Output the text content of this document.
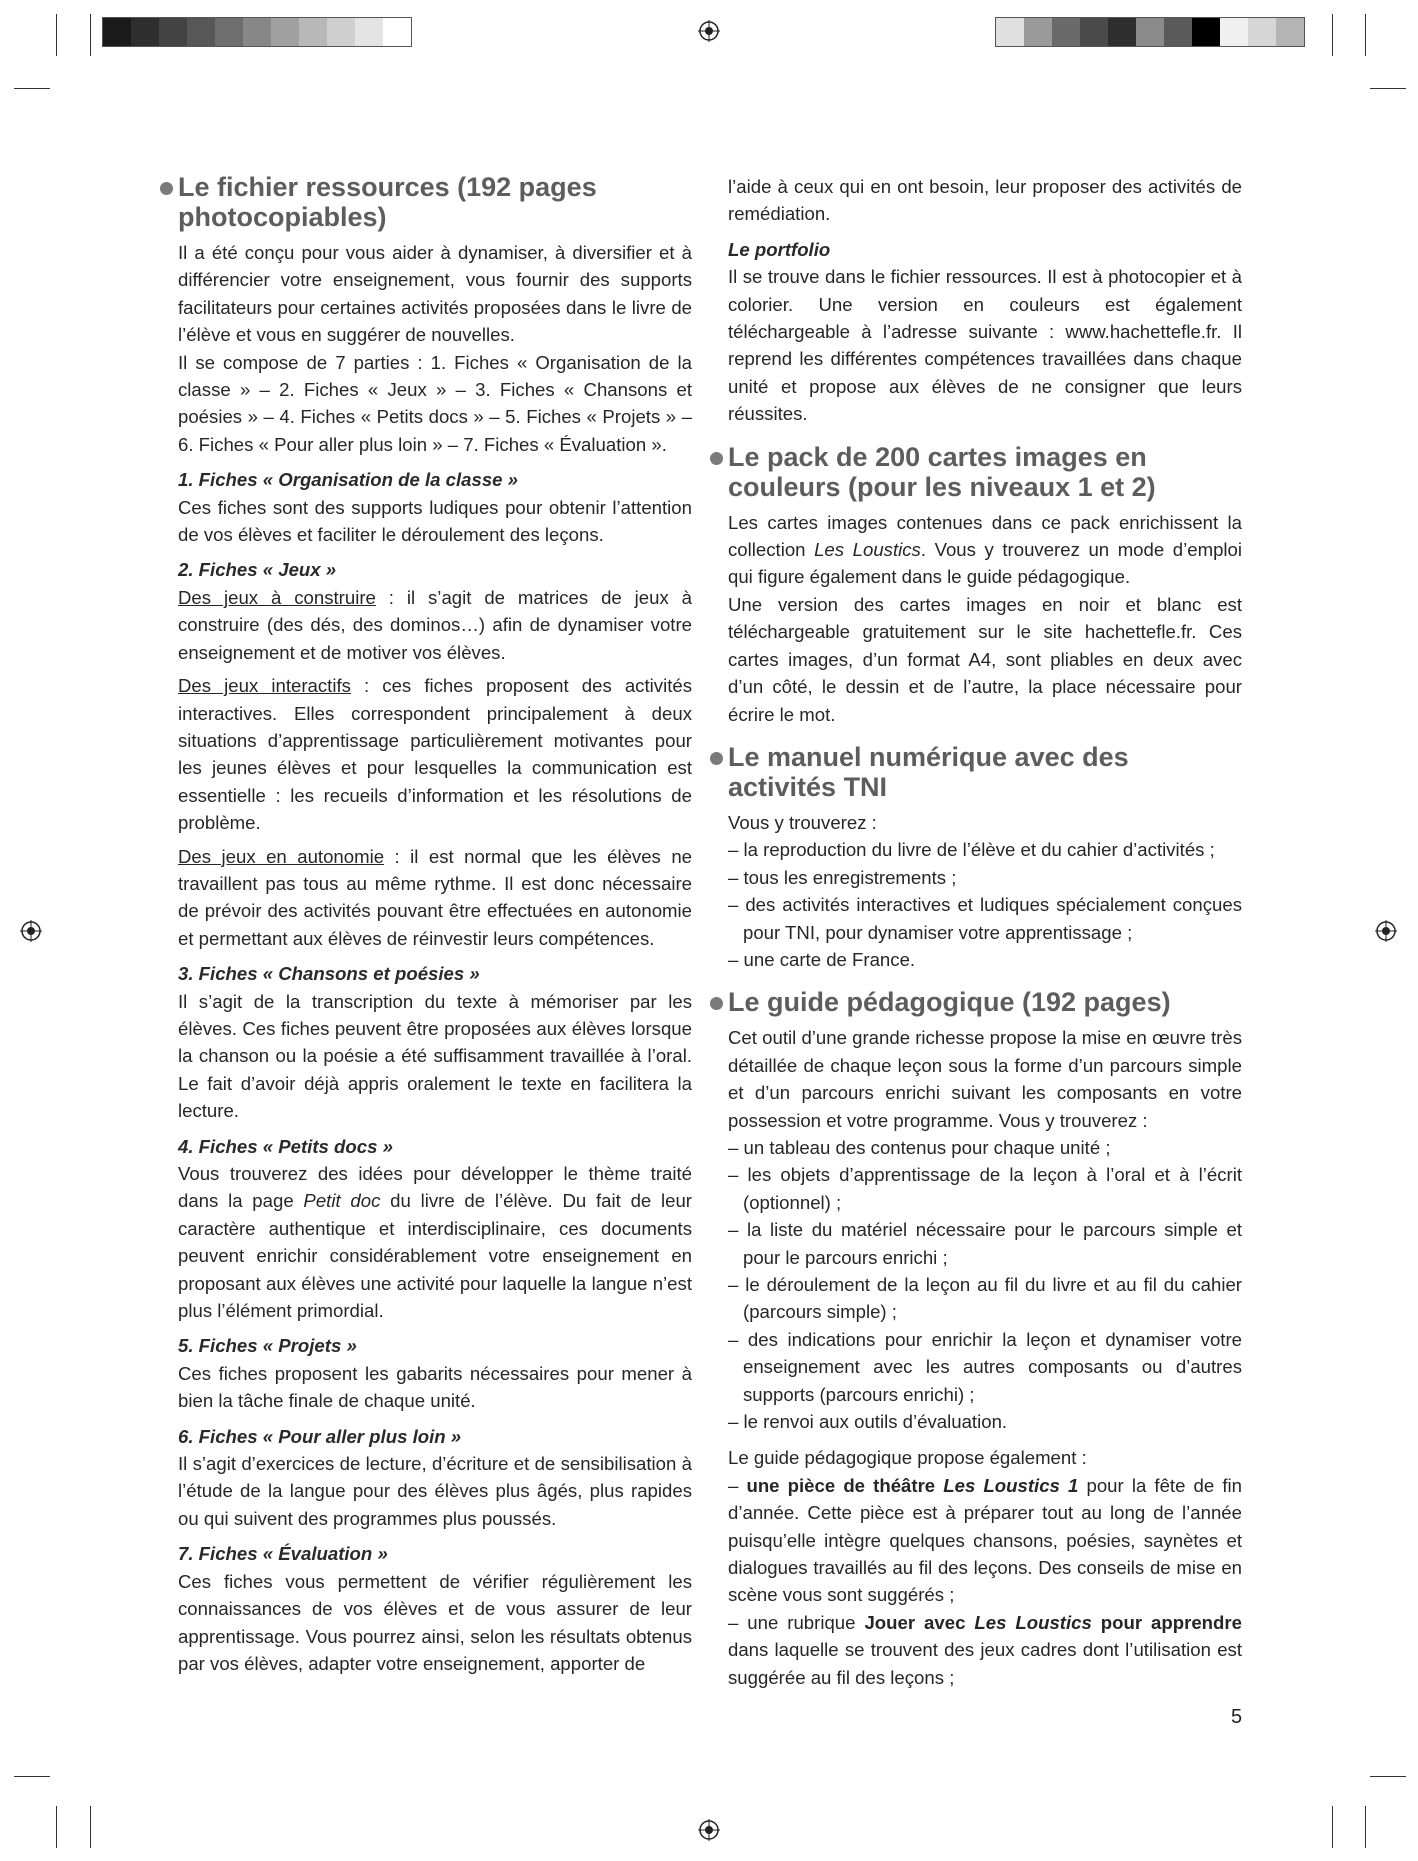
Le fichier ressources (192 pages photocopiables)

Il a été conçu pour vous aider à dynamiser, à diversifier et à différencier votre enseignement, vous fournir des supports facilitateurs pour certaines activités proposées dans le livre de l’élève et vous en suggérer de nouvelles.

Il se compose de 7 parties : 1. Fiches « Organisation de la classe » – 2. Fiches « Jeux » – 3. Fiches « Chansons et poésies » – 4. Fiches « Petits docs » – 5. Fiches « Projets » – 6. Fiches « Pour aller plus loin » – 7. Fiches « Évaluation ».

1. Fiches « Organisation de la classe »

Ces fiches sont des supports ludiques pour obtenir l’attention de vos élèves et faciliter le déroulement des leçons.

2. Fiches « Jeux »

Des jeux à construire : il s’agit de matrices de jeux à construire (des dés, des dominos…) afin de dynamiser votre enseignement et de motiver vos élèves.

Des jeux interactifs : ces fiches proposent des activités interactives. Elles correspondent principalement à deux situations d’apprentissage particulièrement motivantes pour les jeunes élèves et pour lesquelles la communication est essentielle : les recueils d’information et les résolutions de problème.

Des jeux en autonomie : il est normal que les élèves ne travaillent pas tous au même rythme. Il est donc nécessaire de prévoir des activités pouvant être effectuées en autonomie et permettant aux élèves de réinvestir leurs compétences.

3. Fiches « Chansons et poésies »

Il s’agit de la transcription du texte à mémoriser par les élèves. Ces fiches peuvent être proposées aux élèves lorsque la chanson ou la poésie a été suffisamment travaillée à l’oral. Le fait d’avoir déjà appris oralement le texte en facilitera la lecture.

4. Fiches « Petits docs »

Vous trouverez des idées pour développer le thème traité dans la page Petit doc du livre de l’élève. Du fait de leur caractère authentique et interdisciplinaire, ces documents peuvent enrichir considérablement votre enseignement en proposant aux élèves une activité pour laquelle la langue n’est plus l’élément primordial.

5. Fiches « Projets »

Ces fiches proposent les gabarits nécessaires pour mener à bien la tâche finale de chaque unité.

6. Fiches « Pour aller plus loin »

Il s’agit d’exercices de lecture, d’écriture et de sensibilisation à l’étude de la langue pour des élèves plus âgés, plus rapides ou qui suivent des programmes plus poussés.

7. Fiches « Évaluation »

Ces fiches vous permettent de vérifier régulièrement les connaissances de vos élèves et de vous assurer de leur apprentissage. Vous pourrez ainsi, selon les résultats obtenus par vos élèves, adapter votre enseignement, apporter de

l’aide à ceux qui en ont besoin, leur proposer des activités de remédiation.

Le portfolio

Il se trouve dans le fichier ressources. Il est à photocopier et à colorier. Une version en couleurs est également téléchargeable à l’adresse suivante : www.hachettefle.fr. Il reprend les différentes compétences travaillées dans chaque unité et propose aux élèves de ne consigner que leurs réussites.

Le pack de 200 cartes images en couleurs (pour les niveaux 1 et 2)

Les cartes images contenues dans ce pack enrichissent la collection Les Loustics. Vous y trouverez un mode d’emploi qui figure également dans le guide pédagogique.

Une version des cartes images en noir et blanc est téléchargeable gratuitement sur le site hachettefle.fr. Ces cartes images, d’un format A4, sont pliables en deux avec d’un côté, le dessin et de l’autre, la place nécessaire pour écrire le mot.

Le manuel numérique avec des activités TNI

Vous y trouverez :

– la reproduction du livre de l’élève et du cahier d’activités ;

– tous les enregistrements ;

– des activités interactives et ludiques spécialement conçues pour TNI, pour dynamiser votre apprentissage ;

– une carte de France.

Le guide pédagogique (192 pages)

Cet outil d’une grande richesse propose la mise en œuvre très détaillée de chaque leçon sous la forme d’un parcours simple et d’un parcours enrichi suivant les composants en votre possession et votre programme. Vous y trouverez :

– un tableau des contenus pour chaque unité ;

– les objets d’apprentissage de la leçon à l’oral et à l’écrit (optionnel) ;

– la liste du matériel nécessaire pour le parcours simple et pour le parcours enrichi ;

– le déroulement de la leçon au fil du livre et au fil du cahier (parcours simple) ;

– des indications pour enrichir la leçon et dynamiser votre enseignement avec les autres composants ou d’autres supports (parcours enrichi) ;

– le renvoi aux outils d’évaluation.

Le guide pédagogique propose également :

– une pièce de théâtre Les Loustics 1 pour la fête de fin d’année. Cette pièce est à préparer tout au long de l’année puisqu’elle intègre quelques chansons, poésies, saynètes et dialogues travaillés au fil des leçons. Des conseils de mise en scène vous sont suggérés ;

– une rubrique Jouer avec Les Loustics pour apprendre dans laquelle se trouvent des jeux cadres dont l’utilisation est suggérée au fil des leçons ;

5
